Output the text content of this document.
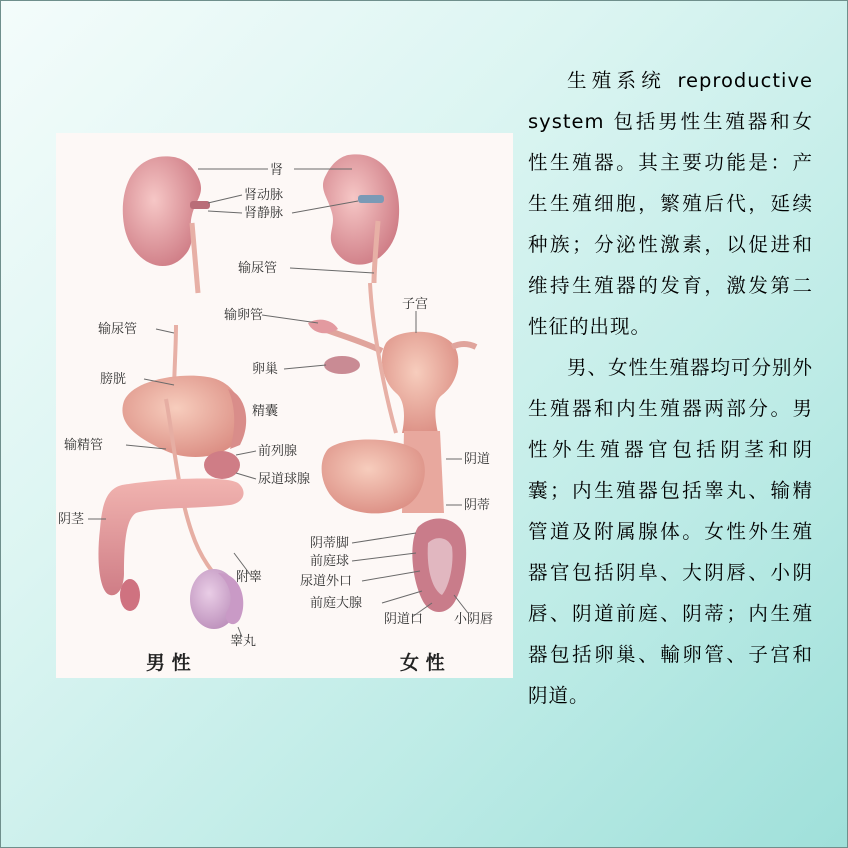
肾
肾动脉
肾静脉
输尿管
输卵管
子宫
输尿管
卵巢
膀胱
精囊
输精管	前列腺
尿道球腺
阴道
阴茎
阴蒂
阴蒂脚
前庭球
尿道外口
附睾
前庭大腺
阴道口 小阴唇
睾丸
男 性	女 性

生殖系统 reproductive system 包括男性生殖器和女性生殖器。其主要功能是：产生生殖细胞，繁殖后代，延续种族；分泌性激素，以促进和维持生殖器的发育，激发第二性征的出现。

男、女性生殖器均可分别外生殖器和内生殖器两部分。男性外生殖器官包括阴茎和阴囊；内生殖器包括睾丸、输精管道及附属腺体。女性外生殖器官包括阴阜、大阴唇、小阴唇、阴道前庭、阴蒂；内生殖器包括卵巢、輸卵管、子宫和阴道。
